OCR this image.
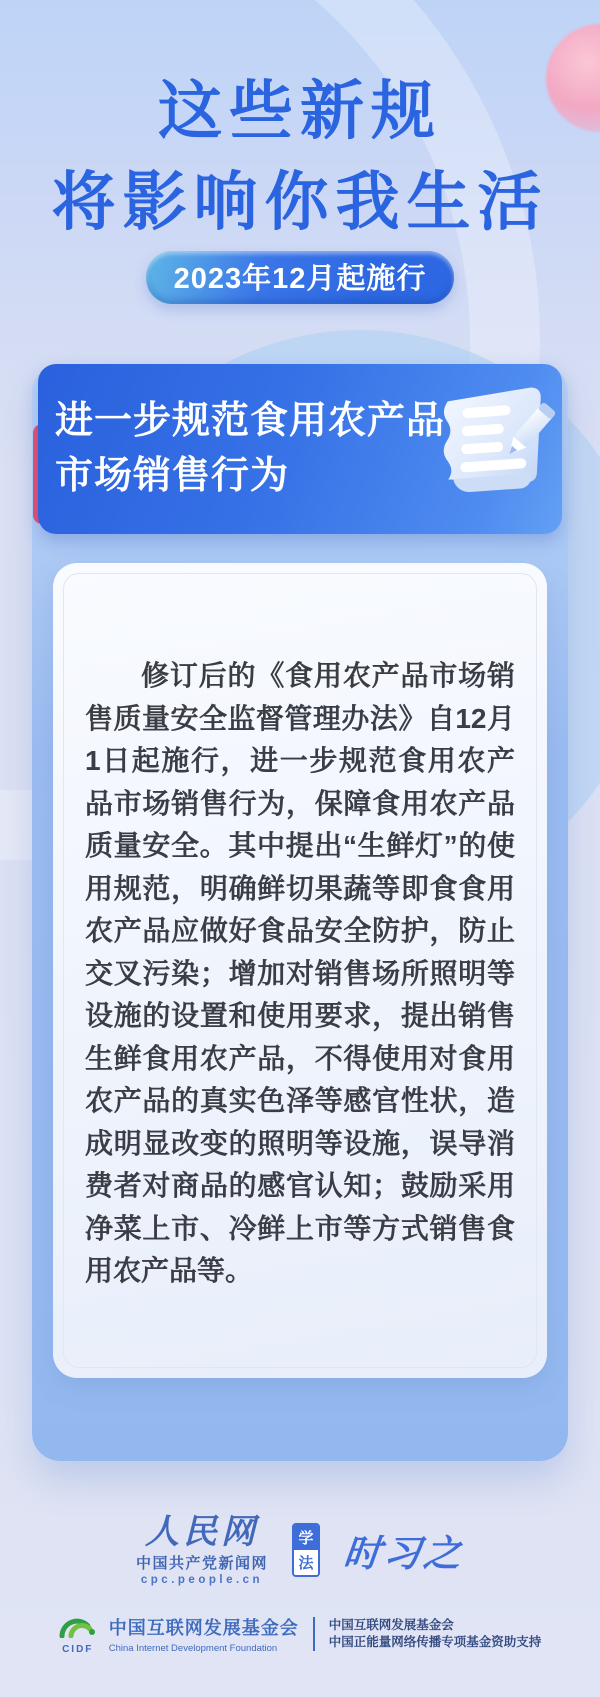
这些新规
将影响你我生活
2023年12月起施行
进一步规范食用农产品
市场销售行为
修订后的《食用农产品市场销售质量安全监督管理办法》自12月1日起施行，进一步规范食用农产品市场销售行为，保障食用农产品质量安全。其中提出“生鲜灯”的使用规范，明确鲜切果蔬等即食食用农产品应做好食品安全防护，防止交叉污染；增加对销售场所照明等设施的设置和使用要求，提出销售生鲜食用农产品，不得使用对食用农产品的真实色泽等感官性状，造成明显改变的照明等设施，误导消费者对商品的感官认知；鼓励采用净菜上市、冷鲜上市等方式销售食用农产品等。
人民网
中国共产党新闻网
cpc.people.cn
学
法 时习之
CIDF
中国互联网发展基金会
China Internet Development Foundation
中国互联网发展基金会
中国正能量网络传播专项基金资助支持
